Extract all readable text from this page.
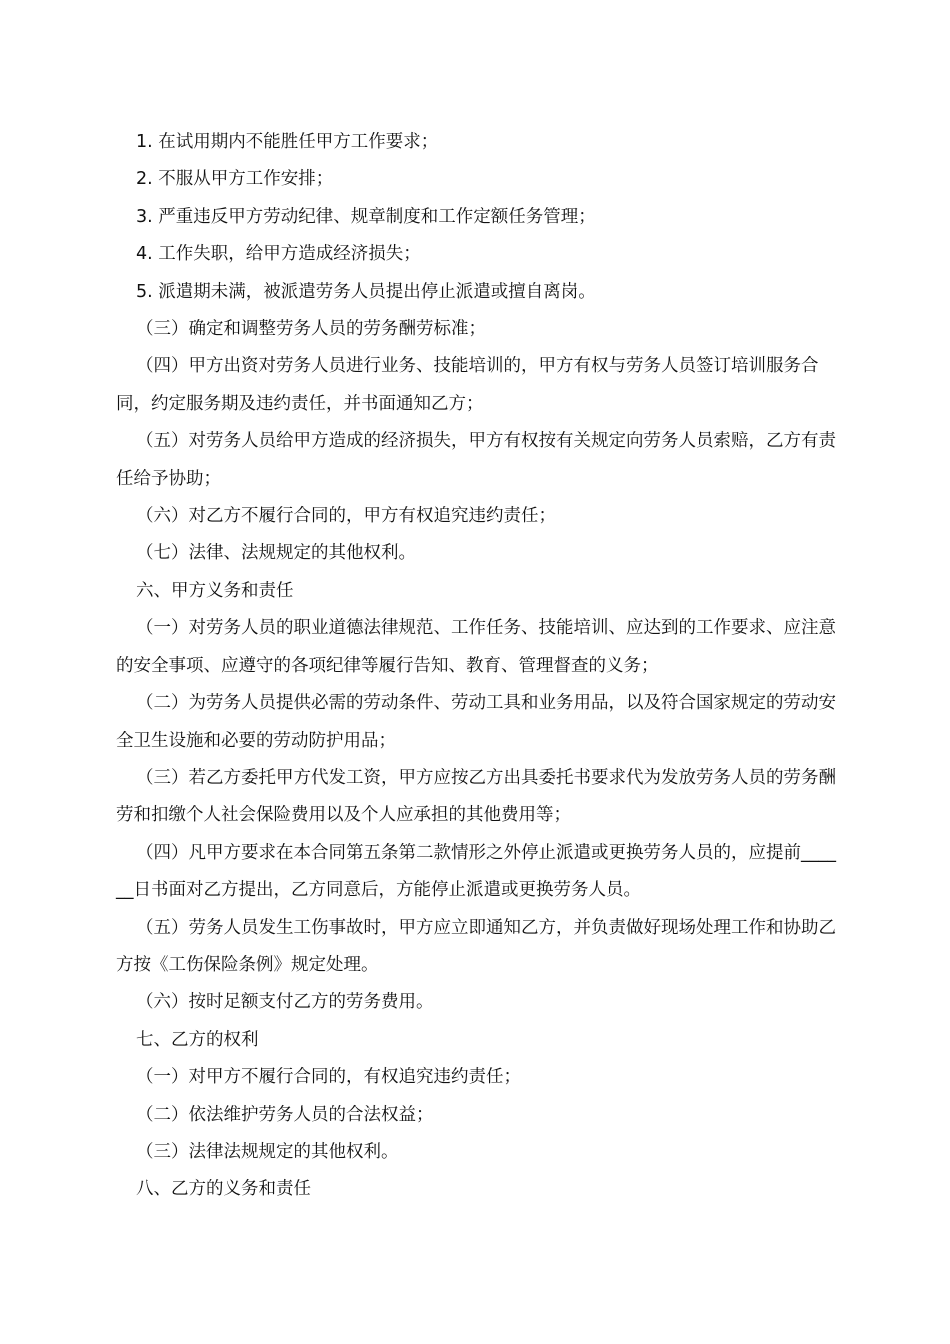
1. 在试用期内不能胜任甲方工作要求；

2. 不服从甲方工作安排；

3. 严重违反甲方劳动纪律、规章制度和工作定额任务管理；

4. 工作失职，给甲方造成经济损失；

5. 派遣期未满，被派遣劳务人员提出停止派遣或擅自离岗。

（三）确定和调整劳务人员的劳务酬劳标准；

（四）甲方出资对劳务人员进行业务、技能培训的，甲方有权与劳务人员签订培训服务合同，约定服务期及违约责任，并书面通知乙方；

（五）对劳务人员给甲方造成的经济损失，甲方有权按有关规定向劳务人员索赔，乙方有责任给予协助；

（六）对乙方不履行合同的，甲方有权追究违约责任；

（七）法律、法规规定的其他权利。

六、甲方义务和责任

（一）对劳务人员的职业道德法律规范、工作任务、技能培训、应达到的工作要求、应注意的安全事项、应遵守的各项纪律等履行告知、教育、管理督查的义务；

（二）为劳务人员提供必需的劳动条件、劳动工具和业务用品，以及符合国家规定的劳动安全卫生设施和必要的劳动防护用品；

（三）若乙方委托甲方代发工资，甲方应按乙方出具委托书要求代为发放劳务人员的劳务酬劳和扣缴个人社会保险费用以及个人应承担的其他费用等；

（四）凡甲方要求在本合同第五条第二款情形之外停止派遣或更换劳务人员的，应提前______日书面对乙方提出，乙方同意后，方能停止派遣或更换劳务人员。

（五）劳务人员发生工伤事故时，甲方应立即通知乙方，并负责做好现场处理工作和协助乙方按《工伤保险条例》规定处理。

（六）按时足额支付乙方的劳务费用。

七、乙方的权利

（一）对甲方不履行合同的，有权追究违约责任；

（二）依法维护劳务人员的合法权益；

（三）法律法规规定的其他权利。

八、乙方的义务和责任
